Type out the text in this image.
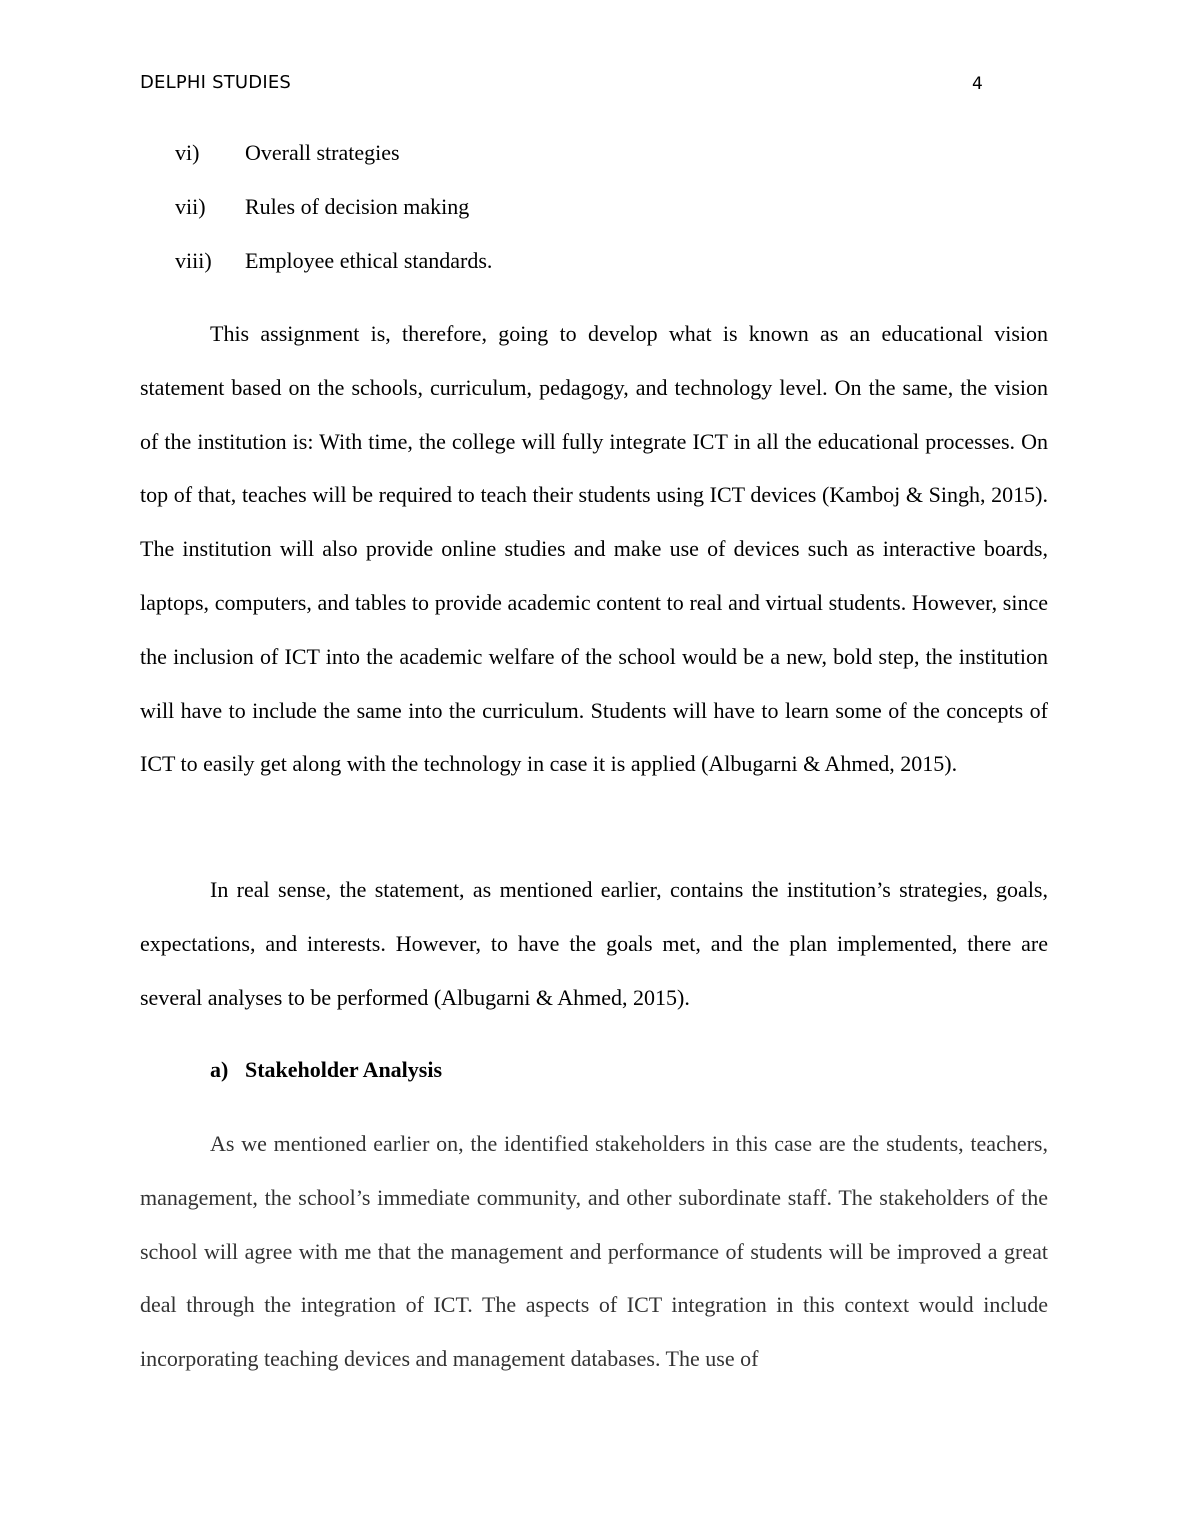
DELPHI STUDIES	4
vi) Overall strategies
vii) Rules of decision making
viii) Employee ethical standards.

This assignment is, therefore, going to develop what is known as an educational vision statement based on the schools, curriculum, pedagogy, and technology level. On the same, the vision of the institution is: With time, the college will fully integrate ICT in all the educational processes. On top of that, teaches will be required to teach their students using ICT devices (Kamboj & Singh, 2015). The institution will also provide online studies and make use of devices such as interactive boards, laptops, computers, and tables to provide academic content to real and virtual students. However, since the inclusion of ICT into the academic welfare of the school would be a new, bold step, the institution will have to include the same into the curriculum. Students will have to learn some of the concepts of ICT to easily get along with the technology in case it is applied (Albugarni & Ahmed, 2015).

In real sense, the statement, as mentioned earlier, contains the institution’s strategies, goals, expectations, and interests. However, to have the goals met, and the plan implemented, there are several analyses to be performed (Albugarni & Ahmed, 2015).

a) Stakeholder Analysis

As we mentioned earlier on, the identified stakeholders in this case are the students, teachers, management, the school’s immediate community, and other subordinate staff. The stakeholders of the school will agree with me that the management and performance of students will be improved a great deal through the integration of ICT. The aspects of ICT integration in this context would include incorporating teaching devices and management databases. The use of
